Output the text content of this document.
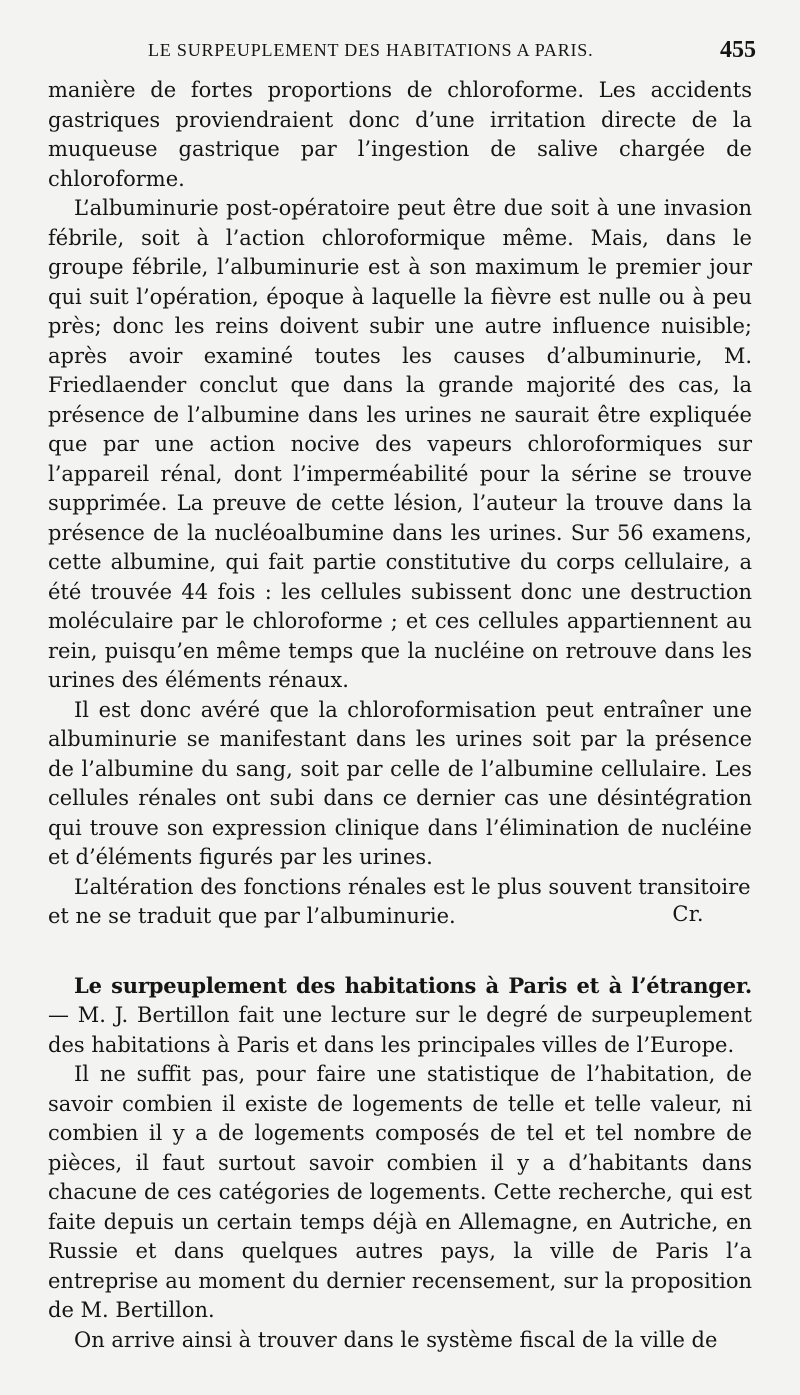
LE SURPEUPLEMENT DES HABITATIONS A PARIS.	455

manière de fortes proportions de chloroforme. Les accidents gastriques proviendraient donc d’une irritation directe de la muqueuse gastrique par l’ingestion de salive chargée de chloroforme.

L’albuminurie post-opératoire peut être due soit à une invasion fébrile, soit à l’action chloroformique même. Mais, dans le groupe fébrile, l’albuminurie est à son maximum le premier jour qui suit l’opération, époque à laquelle la fièvre est nulle ou à peu près; donc les reins doivent subir une autre influence nuisible; après avoir examiné toutes les causes d’albuminurie, M. Friedlaender conclut que dans la grande majorité des cas, la présence de l’albumine dans les urines ne saurait être expliquée que par une action nocive des vapeurs chloroformiques sur l’appareil rénal, dont l’imperméabilité pour la sérine se trouve supprimée. La preuve de cette lésion, l’auteur la trouve dans la présence de la nucléoalbumine dans les urines. Sur 56 examens, cette albumine, qui fait partie constitutive du corps cellulaire, a été trouvée 44 fois : les cellules subissent donc une destruction moléculaire par le chloroforme ; et ces cellules appartiennent au rein, puisqu’en même temps que la nucléine on retrouve dans les urines des éléments rénaux.

Il est donc avéré que la chloroformisation peut entraîner une albuminurie se manifestant dans les urines soit par la présence de l’albumine du sang, soit par celle de l’albumine cellulaire. Les cellules rénales ont subi dans ce dernier cas une désintégration qui trouve son expression clinique dans l’élimination de nucléine et d’éléments figurés par les urines.

L’altération des fonctions rénales est le plus souvent transitoire

et ne se traduit que par l’albuminurie.	Cr.

Le surpeuplement des habitations à Paris et à l’étranger. — M. J. Bertillon fait une lecture sur le degré de surpeuplement des habitations à Paris et dans les principales villes de l’Europe.

Il ne suffit pas, pour faire une statistique de l’habitation, de savoir combien il existe de logements de telle et telle valeur, ni combien il y a de logements composés de tel et tel nombre de pièces, il faut surtout savoir combien il y a d’habitants dans chacune de ces catégories de logements. Cette recherche, qui est faite depuis un certain temps déjà en Allemagne, en Autriche, en Russie et dans quelques autres pays, la ville de Paris l’a entreprise au moment du dernier recensement, sur la proposition de M. Bertillon.

On arrive ainsi à trouver dans le système fiscal de la ville de
